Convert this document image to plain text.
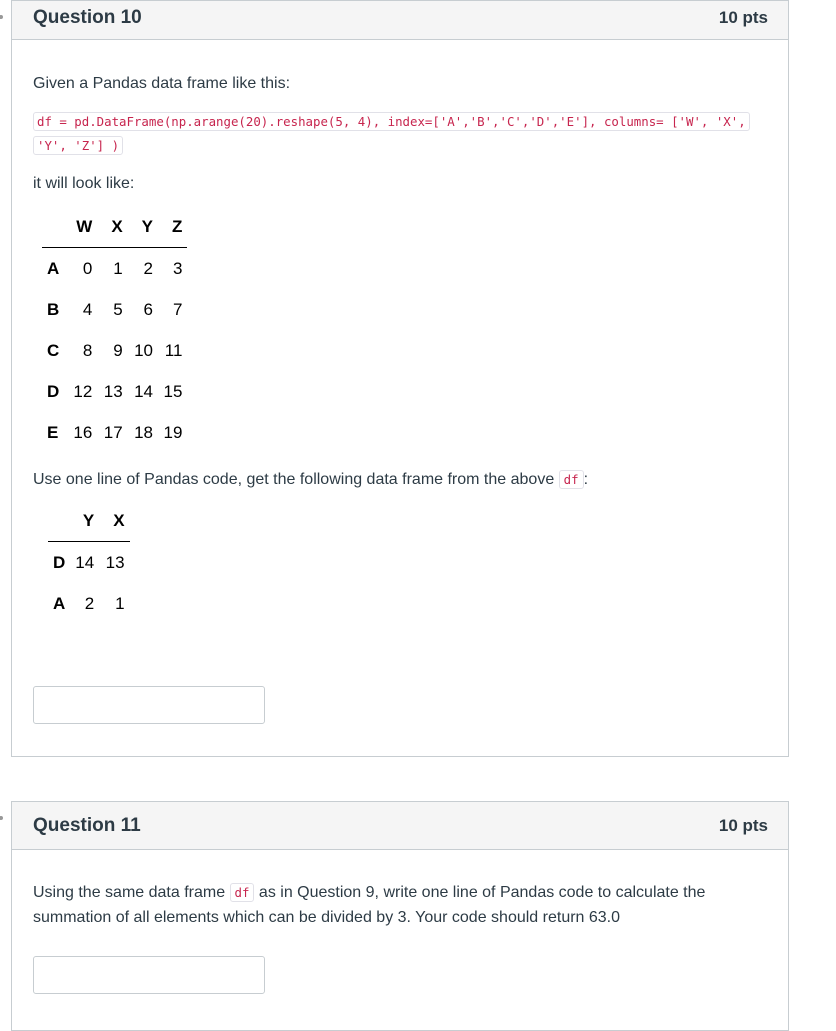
Question 10	10 pts
Given a Pandas data frame like this:
df = pd.DataFrame(np.arange(20).reshape(5, 4), index=['A','B','C','D','E'], columns= ['W', 'X',
'Y', 'Z'] )
it will look like:
	W	X	Y	Z
A	0	1	2	3
B	4	5	6	7
C	8	9	10	11
D	12	13	14	15
E	16	17	18	19
Use one line of Pandas code, get the following data frame from the above df :
	Y	X
D	14	13
A	2	1
Question 11	10 pts
Using the same data frame df as in Question 9, write one line of Pandas code to calculate the
summation of all elements which can be divided by 3. Your code should return 63.0
